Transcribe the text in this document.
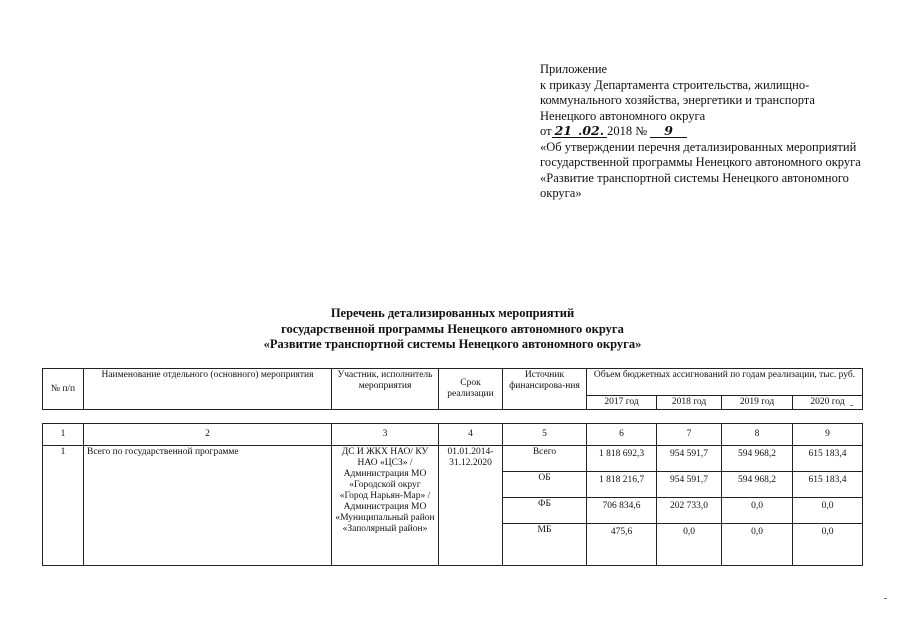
Приложение
к приказу Департамента строительства, жилищно-
коммунального хозяйства, энергетики и транспорта
Ненецкого автономного округа
от 21 .02. 2018 № 9
«Об утверждении перечня детализированных мероприятий государственной программы Ненецкого автономного округа «Развитие транспортной системы Ненецкого автономного округа»
Перечень детализированных мероприятий
государственной программы Ненецкого автономного округа
«Развитие транспортной системы Ненецкого автономного округа»
№ п/п	Наименование отдельного (основного) мероприятия	Участник, исполнитель мероприятия	Срок реализации	Источник финансирова-ния	Объем бюджетных ассигнований по годам реализации, тыс. руб.			
					2017 год	2018 год	2019 год	2020 год
1	2	3	4	5	6	7	8	9
1	Всего по государственной программе	ДС И ЖКХ НАО/ КУ НАО «ЦСЗ» /Администрация МО «Городской округ «Город Нарьян-Мар» / Администрация МО «Муниципальный район «Заполярный район»	01.01.2014-31.12.2020	Всего	1 818 692,3	954 591,7	594 968,2	615 183,4
				ОБ	1 818 216,7	954 591,7	594 968,2	615 183,4
				ФБ	706 834,6	202 733,0	0,0	0,0
				МБ	475,6	0,0	0,0	0,0
